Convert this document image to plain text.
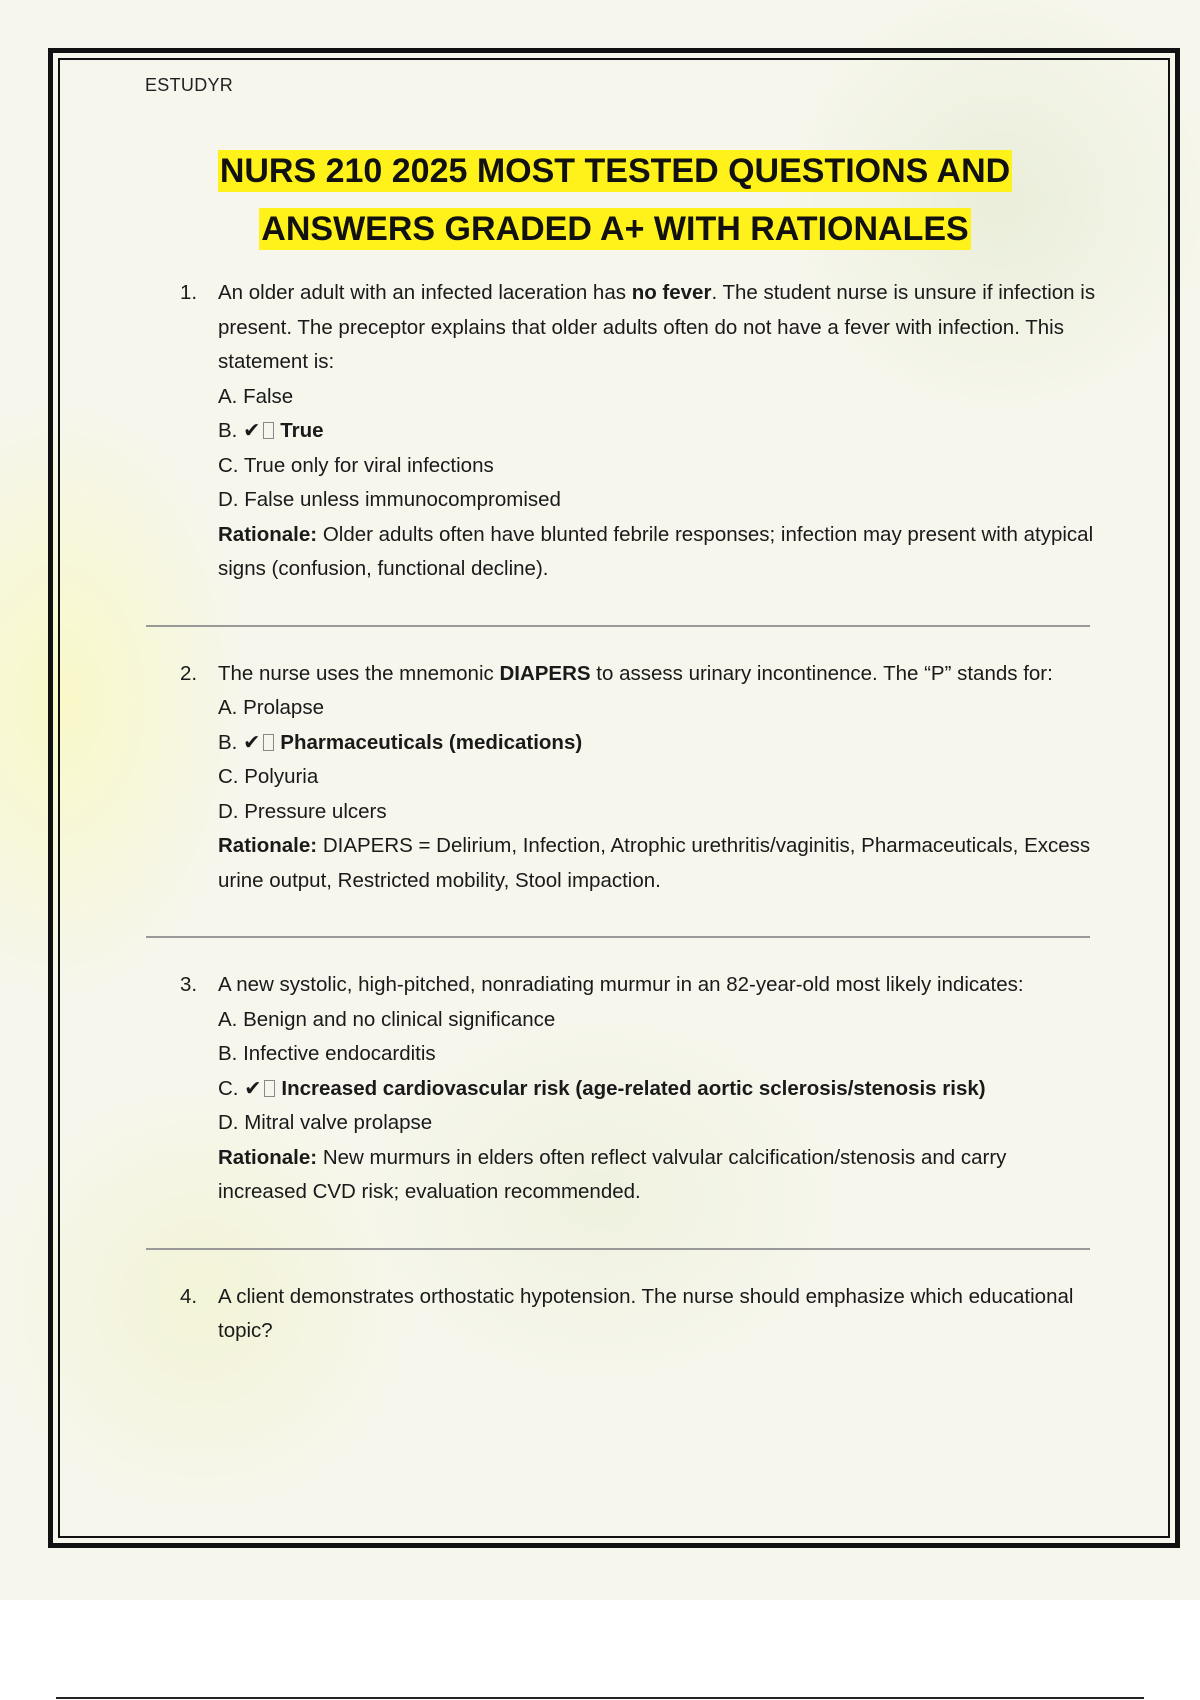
ESTUDYR
NURS 210 2025 MOST TESTED QUESTIONS AND
ANSWERS GRADED A+ WITH RATIONALES
1. An older adult with an infected laceration has no fever. The student nurse is unsure if infection is present. The preceptor explains that older adults often do not have a fever with infection. This statement is:
A. False
B. ✔ True
C. True only for viral infections
D. False unless immunocompromised
Rationale: Older adults often have blunted febrile responses; infection may present with atypical signs (confusion, functional decline).
2. The nurse uses the mnemonic DIAPERS to assess urinary incontinence. The “P” stands for:
A. Prolapse
B. ✔ Pharmaceuticals (medications)
C. Polyuria
D. Pressure ulcers
Rationale: DIAPERS = Delirium, Infection, Atrophic urethritis/vaginitis, Pharmaceuticals, Excess urine output, Restricted mobility, Stool impaction.
3. A new systolic, high-pitched, nonradiating murmur in an 82-year-old most likely indicates:
A. Benign and no clinical significance
B. Infective endocarditis
C. ✔ Increased cardiovascular risk (age-related aortic sclerosis/stenosis risk)
D. Mitral valve prolapse
Rationale: New murmurs in elders often reflect valvular calcification/stenosis and carry increased CVD risk; evaluation recommended.
4. A client demonstrates orthostatic hypotension. The nurse should emphasize which educational topic?
